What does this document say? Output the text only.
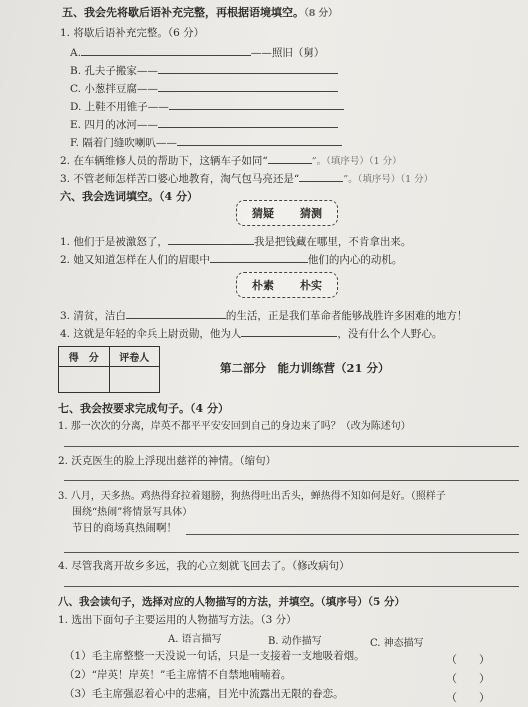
五、我会先将歇后语补充完整，再根据语境填空。（8 分）
1. 将歇后语补充完整。（6 分）
A.	——照旧（舅）
B. 孔夫子搬家——
C. 小葱拌豆腐——
D. 上鞋不用锥子——
E. 四月的冰河——
F. 隔着门缝吹喇叭——
2. 在车辆维修人员的帮助下，这辆车子如同“	”。（填序号）（1 分）
3. 不管老师怎样苦口婆心地教育，淘气包马亮还是“	”。（填序号）（1 分）
六、我会选词填空。（4 分）
猜疑 猜测
1. 他们于是被激怒了，	我是把钱藏在哪里，不肯拿出来。
2. 她又知道怎样在人们的眉眼中	他们的内心的动机。
朴素 朴实
3. 清贫，洁白	的生活，正是我们革命者能够战胜许多困难的地方！
4. 这就是年轻的伞兵上尉贡勋，他为人	，没有什么个人野心。
得　分	评卷人

第二部分　能力训练营（21 分）
七、我会按要求完成句子。（4 分）
1. 那一次次的分离，岸英不都平平安安回到自己的身边来了吗？（改为陈述句）
2. 沃克医生的脸上浮现出慈祥的神情。（缩句）
3. 八月，天多热。鸡热得耷拉着翅膀，狗热得吐出舌头，蝉热得不知如何是好。（照样子
围绕“热闹”将情景写具体）
节日的商场真热闹啊！
4. 尽管我离开故乡多远，我的心立刻就飞回去了。（修改病句）
八、我会读句子，选择对应的人物描写的方法，并填空。（填序号）（5 分）
1. 选出下面句子主要运用的人物描写方法。（3 分）
A. 语言描写	B. 动作描写	C. 神态描写
（1）毛主席整整一天没说一句话，只是一支接着一支地吸着烟。	（　　）
（2）“岸英！岸英！”毛主席情不自禁地喃喃着。	（　　）
（3）毛主席强忍着心中的悲痛，目光中流露出无限的眷恋。	（　　）
